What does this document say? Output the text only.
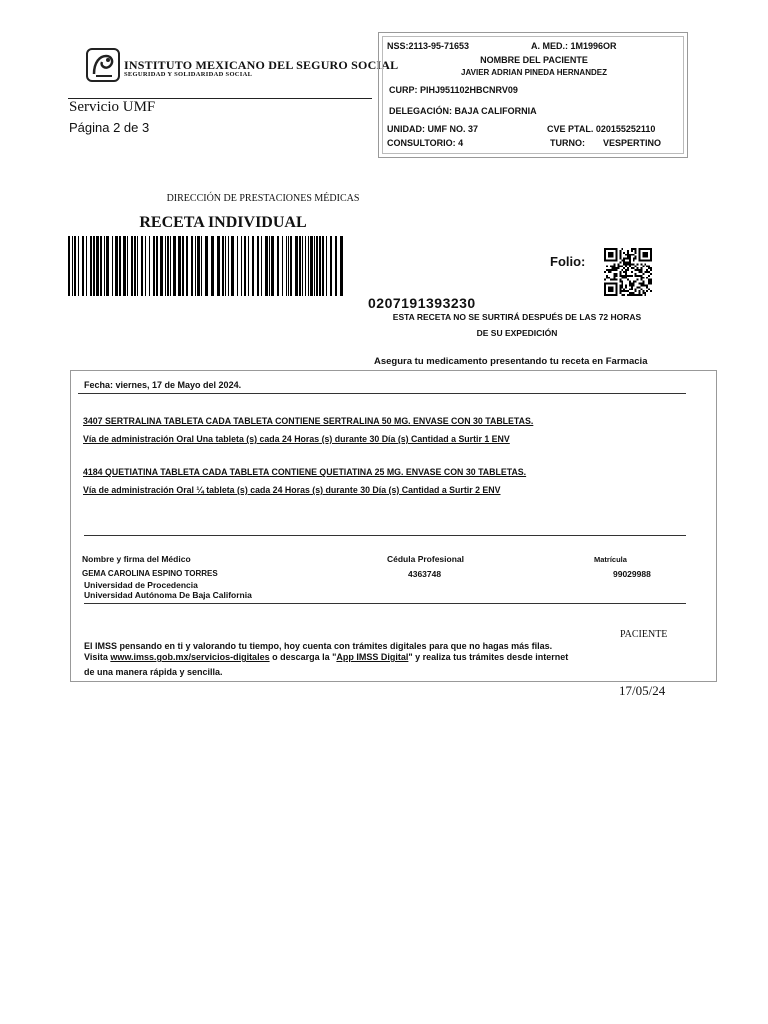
INSTITUTO MEXICANO DEL SEGURO SOCIAL
SEGURIDAD Y SOLIDARIDAD SOCIAL
Servicio UMF
Página 2 de 3
NSS:2113-95-71653	A. MED.: 1M1996OR
NOMBRE DEL PACIENTE
JAVIER ADRIAN PINEDA HERNANDEZ
CURP: PIHJ951102HBCNRV09
DELEGACIÓN: BAJA CALIFORNIA
UNIDAD: UMF NO. 37	CVE PTAL. 020155252110
CONSULTORIO: 4	TURNO: VESPERTINO
DIRECCIÓN DE PRESTACIONES MÉDICAS
RECETA INDIVIDUAL
Folio:
0207191393230
ESTA RECETA NO SE SURTIRÁ DESPUÉS DE LAS 72 HORAS
DE SU EXPEDICIÓN
Asegura tu medicamento presentando tu receta en Farmacia
Fecha: viernes, 17 de Mayo del 2024.
3407 SERTRALINA TABLETA CADA TABLETA CONTIENE SERTRALINA 50 MG. ENVASE CON 30 TABLETAS.
Vía de administración Oral Una tableta (s) cada 24 Horas (s) durante 30 Día (s) Cantidad a Surtir 1 ENV
4184 QUETIATINA TABLETA CADA TABLETA CONTIENE QUETIATINA 25 MG. ENVASE CON 30 TABLETAS.
Vía de administración Oral ¼ tableta (s) cada 24 Horas (s) durante 30 Día (s) Cantidad a Surtir 2 ENV
Nombre y firma del Médico	Cédula Profesional	Matrícula
GEMA CAROLINA ESPINO TORRES	4363748	99029988
Universidad de Procedencia
Universidad Autónoma De Baja California
El IMSS pensando en ti y valorando tu tiempo, hoy cuenta con trámites digitales para que no hagas más filas.
Visita www.imss.gob.mx/servicios-digitales o descarga la "App IMSS Digital" y realiza tus trámites desde internet
de una manera rápida y sencilla.
PACIENTE
17/05/24
